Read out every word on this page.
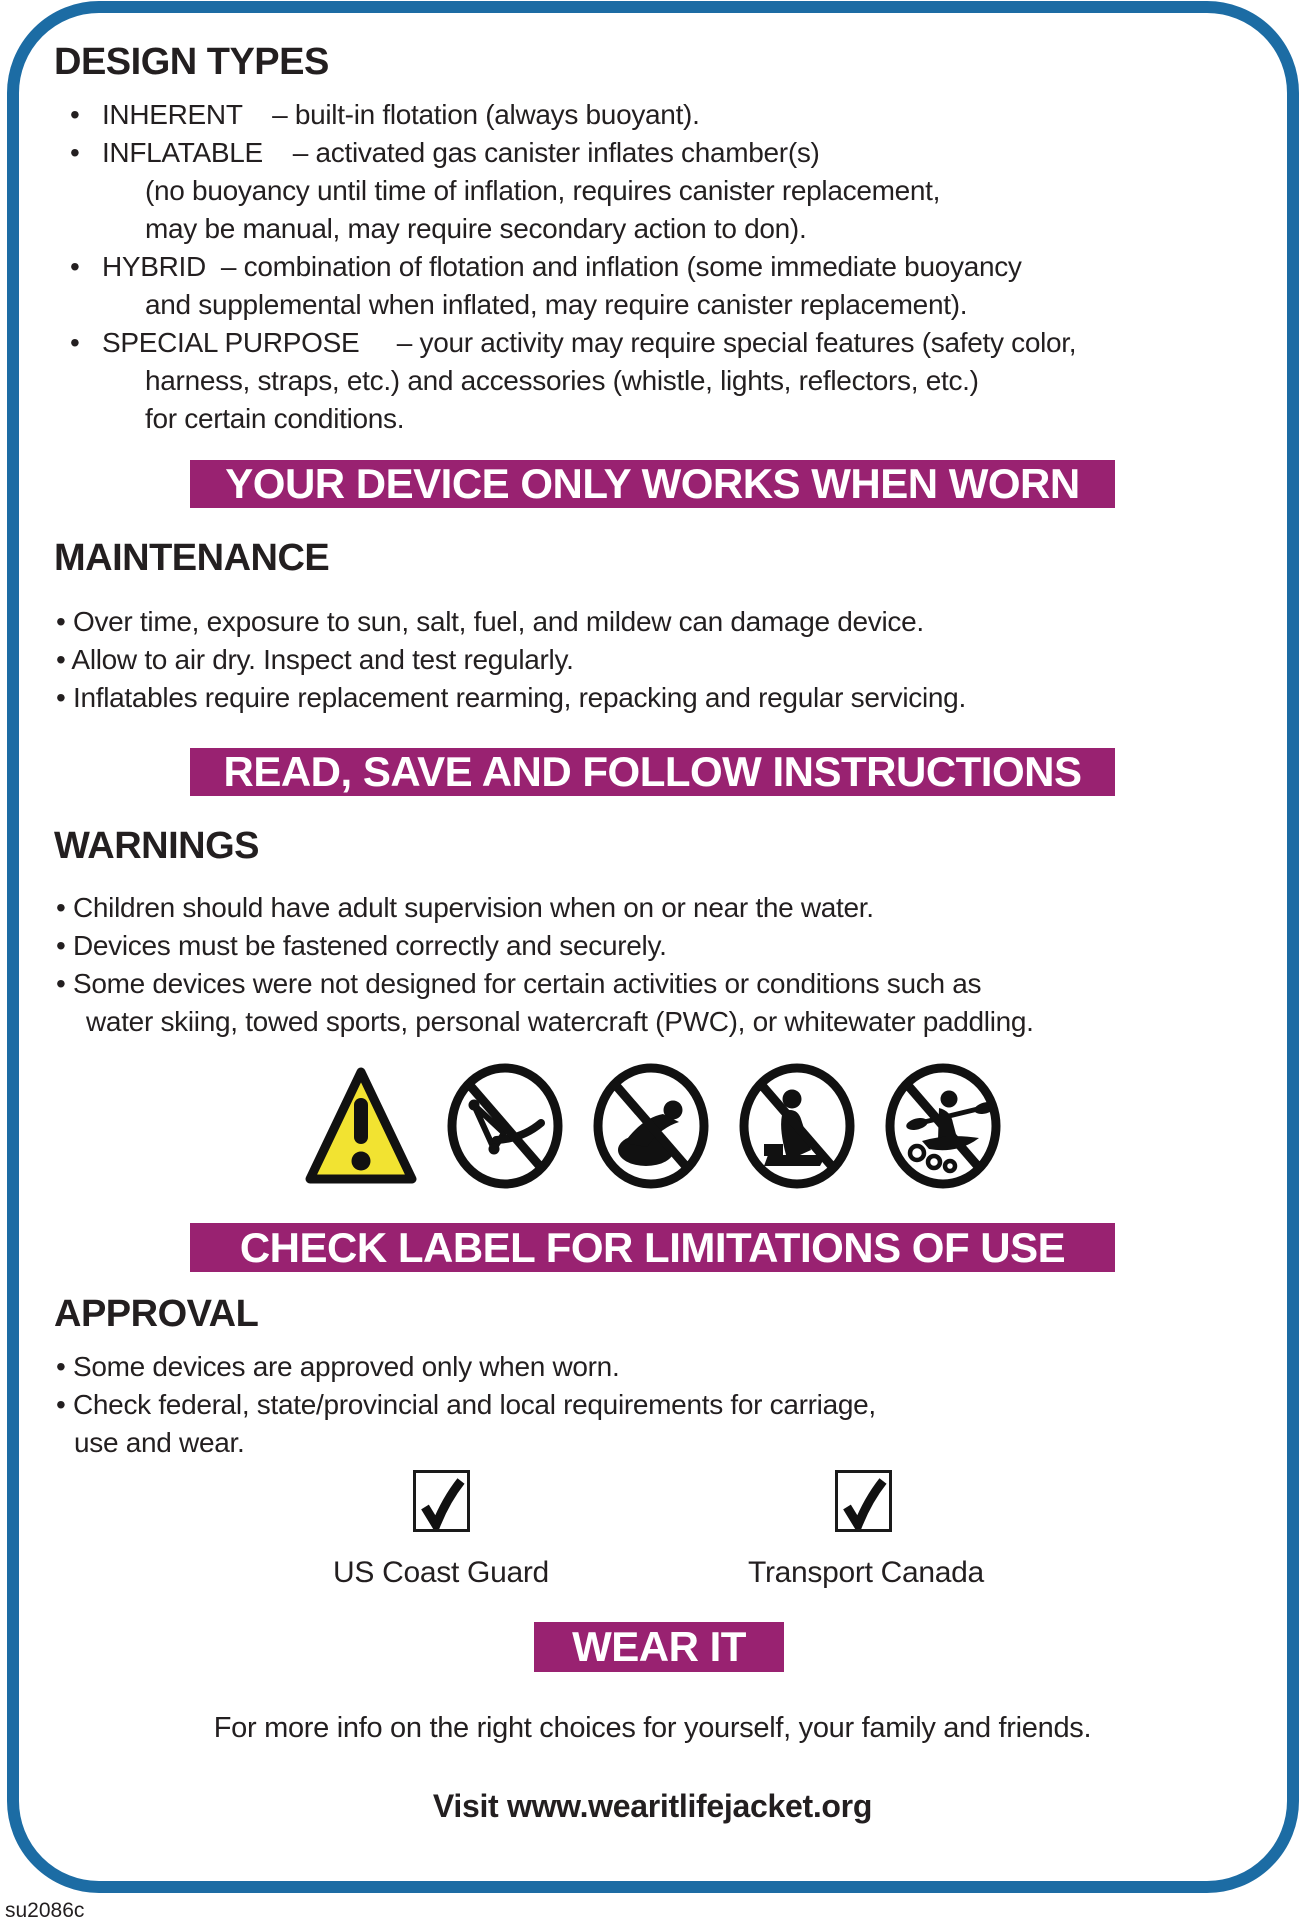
DESIGN TYPES
•   INHERENT    – built-in flotation (always buoyant).
•   INFLATABLE    – activated gas canister inflates chamber(s)
(no buoyancy until time of inflation, requires canister replacement,
may be manual, may require secondary action to don).
•   HYBRID  – combination of flotation and inflation (some immediate buoyancy
and supplemental when inflated, may require canister replacement).
•   SPECIAL PURPOSE     – your activity may require special features (safety color,
harness, straps, etc.) and accessories (whistle, lights, reflectors, etc.)
for certain conditions.
YOUR DEVICE ONLY WORKS WHEN WORN
MAINTENANCE
• Over time, exposure to sun, salt, fuel, and mildew can damage device.
• Allow to air dry. Inspect and test regularly.
• Inflatables require replacement rearming, repacking and regular servicing.
READ, SAVE AND FOLLOW INSTRUCTIONS
WARNINGS
• Children should have adult supervision when on or near the water.
• Devices must be fastened correctly and securely.
• Some devices were not designed for certain activities or conditions such as
water skiing, towed sports, personal watercraft (PWC), or whitewater paddling.
CHECK LABEL FOR LIMITATIONS OF USE
APPROVAL
• Some devices are approved only when worn.
• Check federal, state/provincial and local requirements for carriage,
use and wear.
US Coast Guard	Transport Canada
WEAR IT
For more info on the right choices for yourself, your family and friends.
Visit www.wearitlifejacket.org
su2086c
